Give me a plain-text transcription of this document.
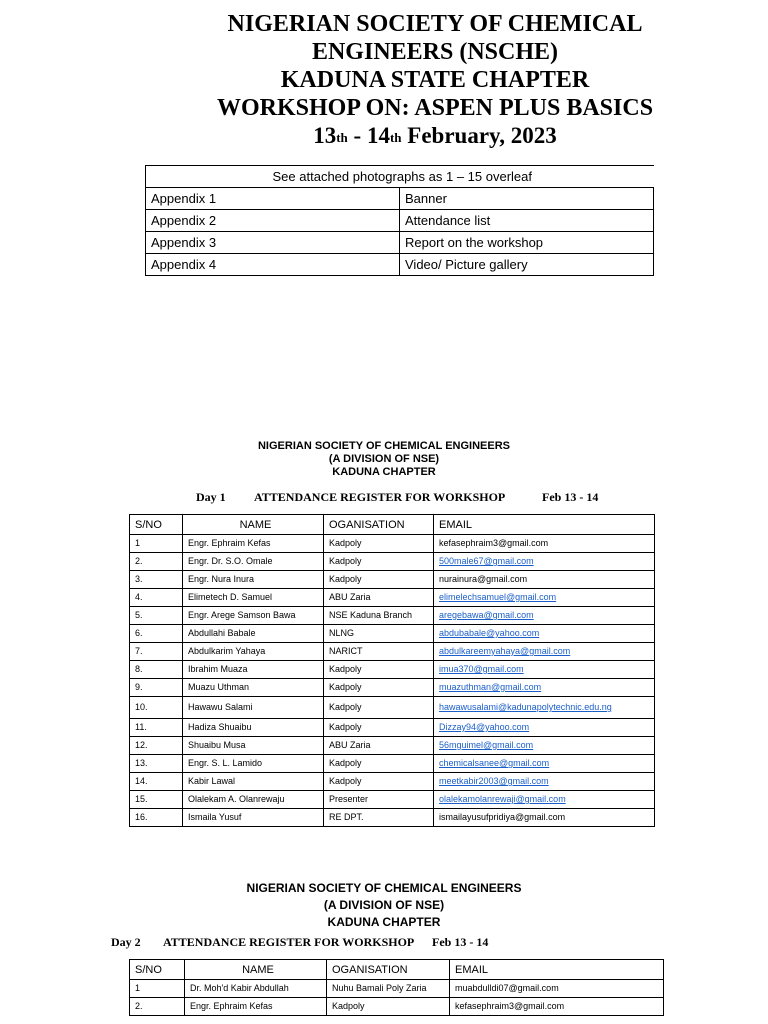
NIGERIAN SOCIETY OF CHEMICAL
ENGINEERS (NSCHE)
KADUNA STATE CHAPTER
WORKSHOP ON: ASPEN PLUS BASICS
13th - 14th February, 2023
See attached photographs as 1 – 15 overleaf	
Appendix 1	Banner
Appendix 2	Attendance list
Appendix 3	Report on the workshop
Appendix 4	Video/ Picture gallery
NIGERIAN SOCIETY OF CHEMICAL ENGINEERS
(A DIVISION OF NSE)
KADUNA CHAPTER
Day 1 ATTENDANCE REGISTER FOR WORKSHOP	Feb 13 - 14
S/NO	NAME	OGANISATION	EMAIL
1	Engr. Ephraim Kefas	Kadpoly	kefasephraim3@gmail.com
2.	Engr. Dr. S.O. Omale	Kadpoly	500male67@gmail.com
3.	Engr. Nura Inura	Kadpoly	nurainura@gmail.com
4.	Elimetech D. Samuel	ABU Zaria	elimelechsamuel@gmail.com
5.	Engr. Arege Samson Bawa	NSE Kaduna Branch	aregebawa@gmail.com
6.	Abdullahi Babale	NLNG	abdubabale@yahoo.com
7.	Abdulkarim Yahaya	NARICT	abdulkareemyahaya@gmail.com
8.	Ibrahim Muaza	Kadpoly	imua370@gmail.com
9.	Muazu Uthman	Kadpoly	muazuthman@gmail.com
10.	Hawawu Salami	Kadpoly	hawawusalami@kadunapolytechnic.edu.ng
11.	Hadiza Shuaibu	Kadpoly	Dizzay94@yahoo.com
12.	Shuaibu Musa	ABU Zaria	56mguimel@gmail.com
13.	Engr. S. L. Lamido	Kadpoly	chemicalsanee@gmail.com
14.	Kabir Lawal	Kadpoly	meetkabir2003@gmail.com
15.	Olalekam A. Olanrewaju	Presenter	olalekamolanrewaji@gmail.com
16.	Ismaila Yusuf	RE DPT.	ismailayusufpridiya@gmail.com
NIGERIAN SOCIETY OF CHEMICAL ENGINEERS
(A DIVISION OF NSE)
KADUNA CHAPTER
Day 2 ATTENDANCE REGISTER FOR WORKSHOP Feb 13 - 14
S/NO	NAME	OGANISATION	EMAIL
1	Dr. Moh'd Kabir Abdullah	Nuhu Bamali Poly Zaria	muabdulldi07@gmail.com
2.	Engr. Ephraim Kefas	Kadpoly	kefasephraim3@gmail.com
